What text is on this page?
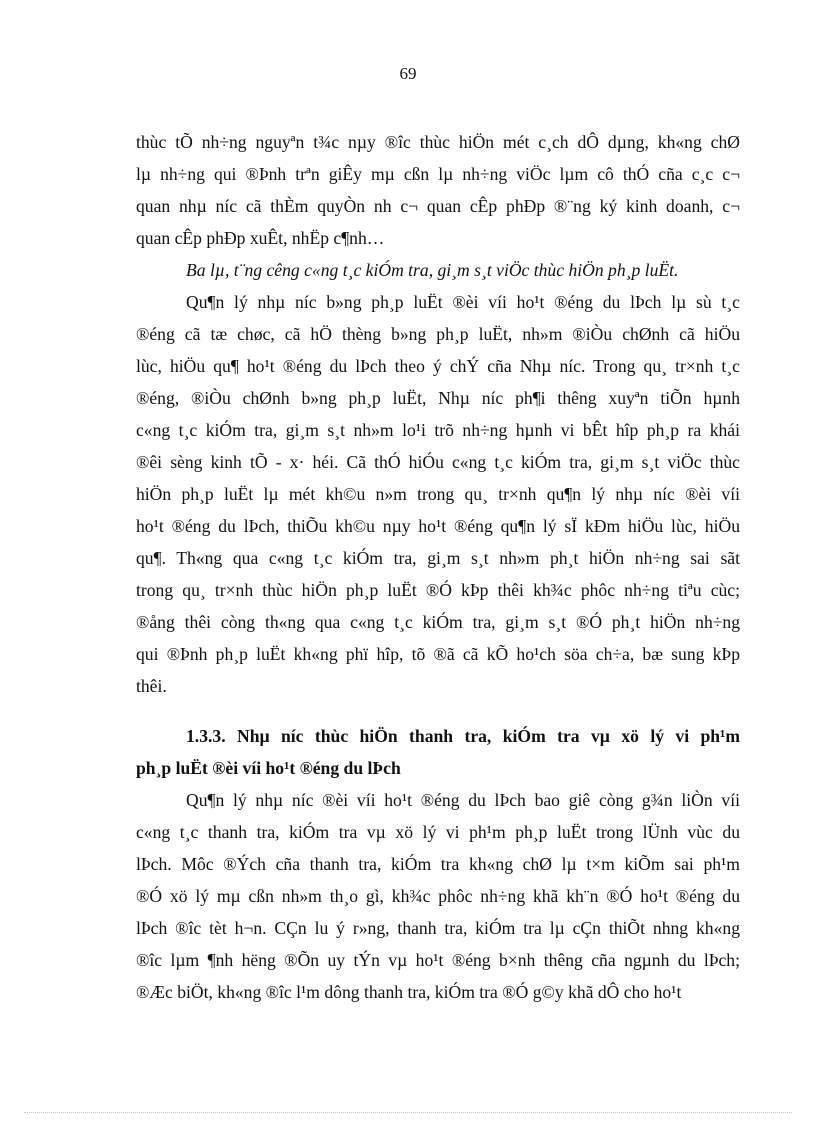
69

thùc tÕ nh÷ng nguyªn t¾c nµy ®îc thùc hiÖn mét c¸ch dÔ dµng, kh«ng chØ
lµ nh÷ng qui ®Þnh trªn giÊy mµ cßn lµ nh÷ng viÖc lµm cô thÓ cña c¸c c¬
quan nhµ níc cã thÈm quyÒn nh c¬ quan cÊp phÐp ®¨ng ký kinh doanh, c¬
quan cÊp phÐp xuÊt, nhËp c¶nh…

Ba lµ, t¨ng cêng c«ng t¸c kiÓm tra, gi¸m s¸t viÖc thùc hiÖn ph¸p luËt.

Qu¶n lý nhµ níc b»ng ph¸p luËt ®èi víi ho¹t ®éng du lÞch lµ sù t¸c
®éng cã tæ chøc, cã hÖ thèng b»ng ph¸p luËt, nh»m ®iÒu chØnh cã hiÖu
lùc, hiÖu qu¶ ho¹t ®éng du lÞch theo ý chÝ cña Nhµ níc. Trong qu¸ tr×nh t¸c
®éng, ®iÒu chØnh b»ng ph¸p luËt, Nhµ níc ph¶i thêng xuyªn tiÕn hµnh
c«ng t¸c kiÓm tra, gi¸m s¸t nh»m lo¹i trõ nh÷ng hµnh vi bÊt hîp ph¸p ra khái
®êi sèng kinh tÕ - x· héi. Cã thÓ hiÓu c«ng t¸c kiÓm tra, gi¸m s¸t viÖc thùc
hiÖn ph¸p luËt lµ mét kh©u n»m trong qu¸ tr×nh qu¶n lý nhµ níc ®èi víi
ho¹t ®éng du lÞch, thiÕu kh©u nµy ho¹t ®éng qu¶n lý sÏ kÐm hiÖu lùc, hiÖu
qu¶. Th«ng qua c«ng t¸c kiÓm tra, gi¸m s¸t nh»m ph¸t hiÖn nh÷ng sai sãt
trong qu¸ tr×nh thùc hiÖn ph¸p luËt ®Ó kÞp thêi kh¾c phôc nh÷ng tiªu cùc;
®ång thêi còng th«ng qua c«ng t¸c kiÓm tra, gi¸m s¸t ®Ó ph¸t hiÖn nh÷ng
qui ®Þnh ph¸p luËt kh«ng phï hîp, tõ ®ã cã kÕ ho¹ch söa ch÷a, bæ sung kÞp
thêi.

1.3.3. Nhµ níc thùc hiÖn thanh tra, kiÓm tra vµ xö lý vi ph¹m
ph¸p luËt ®èi víi ho¹t ®éng du lÞch

Qu¶n lý nhµ níc ®èi víi ho¹t ®éng du lÞch bao giê còng g¾n liÒn víi
c«ng t¸c thanh tra, kiÓm tra vµ xö lý vi ph¹m ph¸p luËt trong lÜnh vùc du
lÞch. Môc ®Ých cña thanh tra, kiÓm tra kh«ng chØ lµ t×m kiÕm sai ph¹m
®Ó xö lý mµ cßn nh»m th¸o gì, kh¾c phôc nh÷ng khã kh¨n ®Ó ho¹t ®éng du
lÞch ®îc tèt h¬n. CÇn lu ý r»ng, thanh tra, kiÓm tra lµ cÇn thiÕt nhng kh«ng
®îc lµm ¶nh hëng ®Õn uy tÝn vµ ho¹t ®éng b×nh thêng cña ngµnh du lÞch;
®Æc biÖt, kh«ng ®îc l¹m dông thanh tra, kiÓm tra ®Ó g©y khã dÔ cho ho¹t
